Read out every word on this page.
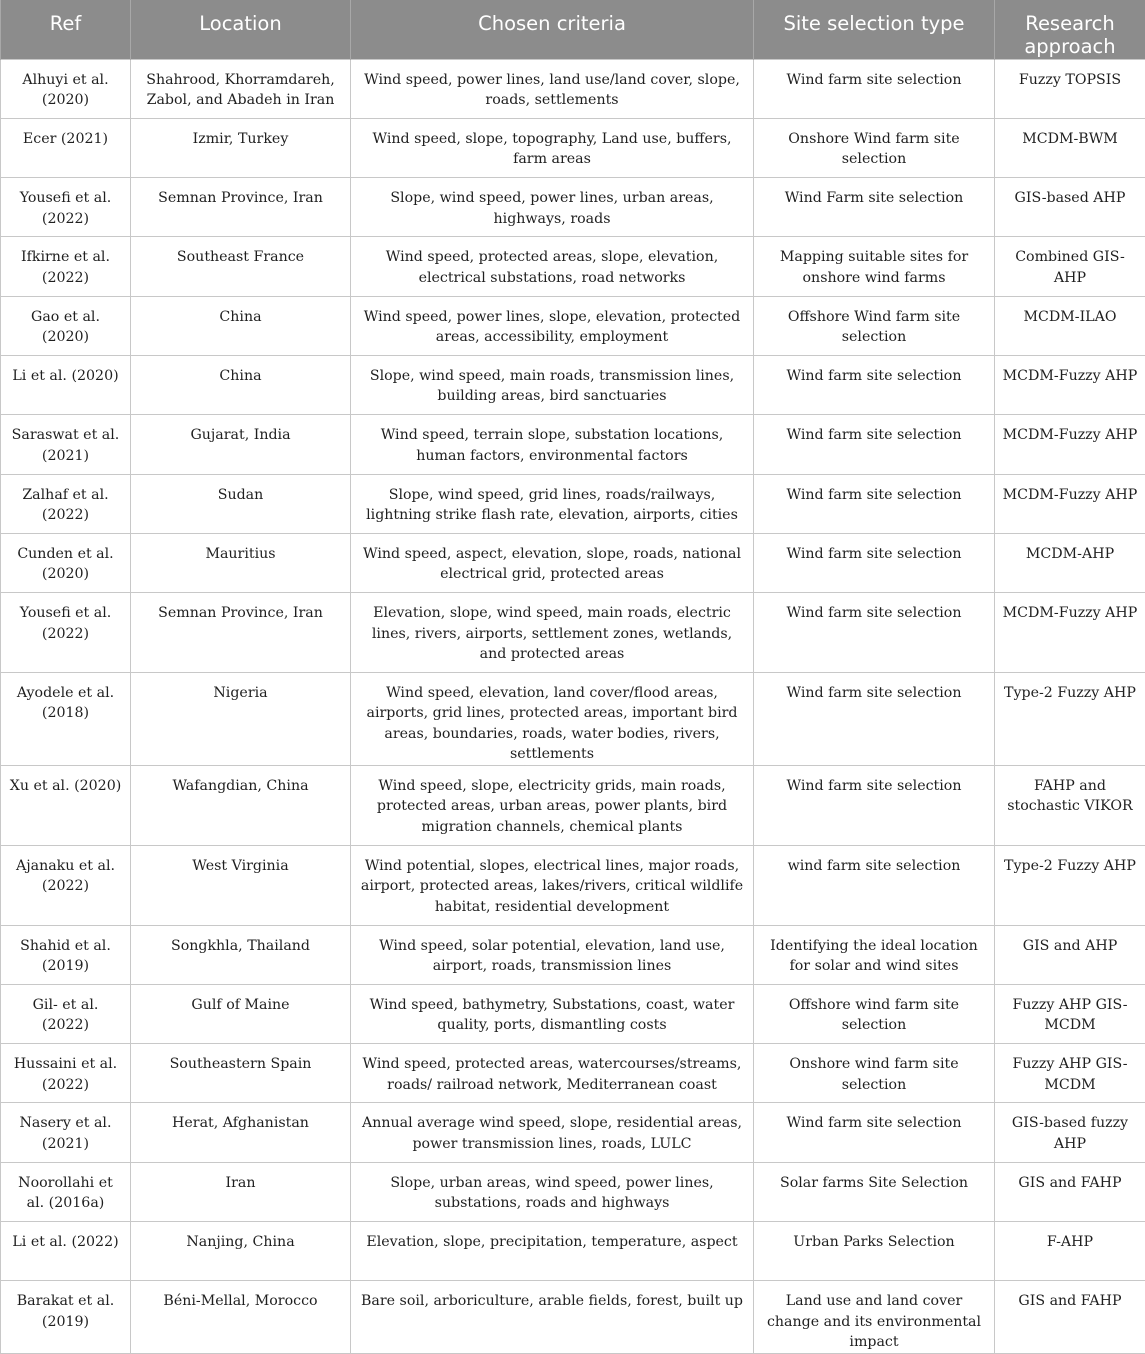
Ref	Location	Chosen criteria	Site selection type	Research approach
Alhuyi et al. (2020)	Shahrood, Khorramdareh, Zabol, and Abadeh in Iran	Wind speed, power lines, land use/land cover, slope, roads, settlements	Wind farm site selection	Fuzzy TOPSIS
Ecer (2021)	Izmir, Turkey	Wind speed, slope, topography, Land use, buffers, farm areas	Onshore Wind farm site selection	MCDM-BWM
Yousefi et al. (2022)	Semnan Province, Iran	Slope, wind speed, power lines, urban areas, highways, roads	Wind Farm site selection	GIS-based AHP
Ifkirne et al. (2022)	Southeast France	Wind speed, protected areas, slope, elevation, electrical substations, road networks	Mapping suitable sites for onshore wind farms	Combined GIS-AHP
Gao et al. (2020)	China	Wind speed, power lines, slope, elevation, protected areas, accessibility, employment	Offshore Wind farm site selection	MCDM-ILAO
Li et al. (2020)	China	Slope, wind speed, main roads, transmission lines, building areas, bird sanctuaries	Wind farm site selection	MCDM-Fuzzy AHP
Saraswat et al. (2021)	Gujarat, India	Wind speed, terrain slope, substation locations, human factors, environmental factors	Wind farm site selection	MCDM-Fuzzy AHP
Zalhaf et al. (2022)	Sudan	Slope, wind speed, grid lines, roads/railways, lightning strike flash rate, elevation, airports, cities	Wind farm site selection	MCDM-Fuzzy AHP
Cunden et al. (2020)	Mauritius	Wind speed, aspect, elevation, slope, roads, national electrical grid, protected areas	Wind farm site selection	MCDM-AHP
Yousefi et al. (2022)	Semnan Province, Iran	Elevation, slope, wind speed, main roads, electric lines, rivers, airports, settlement zones, wetlands, and protected areas	Wind farm site selection	MCDM-Fuzzy AHP
Ayodele et al. (2018)	Nigeria	Wind speed, elevation, land cover/flood areas, airports, grid lines, protected areas, important bird areas, boundaries, roads, water bodies, rivers, settlements	Wind farm site selection	Type-2 Fuzzy AHP
Xu et al. (2020)	Wafangdian, China	Wind speed, slope, electricity grids, main roads, protected areas, urban areas, power plants, bird migration channels, chemical plants	Wind farm site selection	FAHP and stochastic VIKOR
Ajanaku et al. (2022)	West Virginia	Wind potential, slopes, electrical lines, major roads, airport, protected areas, lakes/rivers, critical wildlife habitat, residential development	wind farm site selection	Type-2 Fuzzy AHP
Shahid et al. (2019)	Songkhla, Thailand	Wind speed, solar potential, elevation, land use, airport, roads, transmission lines	Identifying the ideal location for solar and wind sites	GIS and AHP
Gil- et al. (2022)	Gulf of Maine	Wind speed, bathymetry, Substations, coast, water quality, ports, dismantling costs	Offshore wind farm site selection	Fuzzy AHP GIS-MCDM
Hussaini et al. (2022)	Southeastern Spain	Wind speed, protected areas, watercourses/streams, roads/ railroad network, Mediterranean coast	Onshore wind farm site selection	Fuzzy AHP GIS-MCDM
Nasery et al. (2021)	Herat, Afghanistan	Annual average wind speed, slope, residential areas, power transmission lines, roads, LULC	Wind farm site selection	GIS-based fuzzy AHP
Noorollahi et al. (2016a)	Iran	Slope, urban areas, wind speed, power lines, substations, roads and highways	Solar farms Site Selection	GIS and FAHP
Li et al. (2022)	Nanjing, China	Elevation, slope, precipitation, temperature, aspect	Urban Parks Selection	F-AHP
Barakat et al. (2019)	Béni-Mellal, Morocco	Bare soil, arboriculture, arable fields, forest, built up	Land use and land cover change and its environmental impact	GIS and FAHP
